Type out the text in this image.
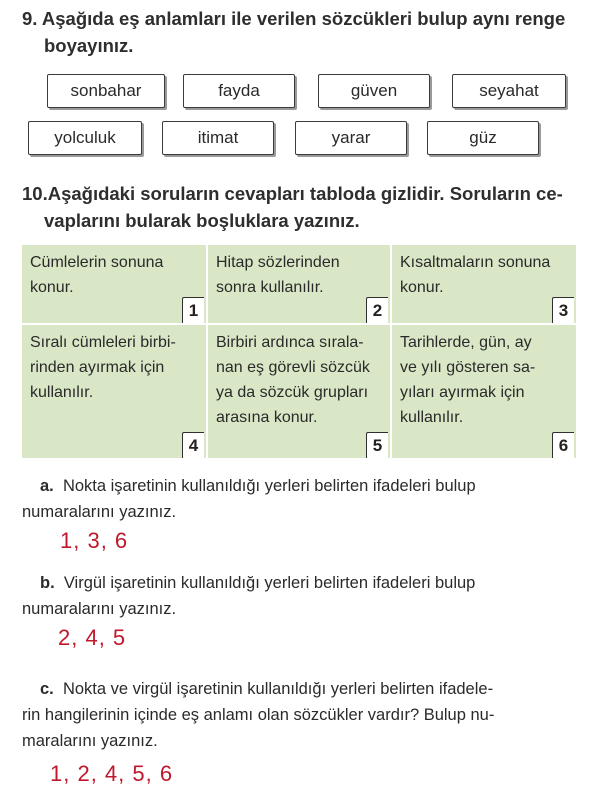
9. Aşağıda eş anlamları ile verilen sözcükleri bulup aynı renge
boyayınız.
sonbahar	fayda	güven	seyahat
yolculuk	itimat	yarar	güz
10.Aşağıdaki soruların cevapları tabloda gizlidir. Soruların ce-
vaplarını bularak boşluklara yazınız.
Cümlelerin sonuna
konur.
1
Hitap sözlerinden
sonra kullanılır.
2
Kısaltmaların sonuna
konur.
3
Sıralı cümleleri birbi-
rinden ayırmak için
kullanılır.
4
Birbiri ardınca sırala-
nan eş görevli sözcük
ya da sözcük grupları
arasına konur.
5
Tarihlerde, gün, ay
ve yılı gösteren sa-
yıları ayırmak için
kullanılır.
6
a. Nokta işaretinin kullanıldığı yerleri belirten ifadeleri bulup
numaralarını yazınız.
1, 3, 6
b. Virgül işaretinin kullanıldığı yerleri belirten ifadeleri bulup
numaralarını yazınız.
2, 4, 5
c. Nokta ve virgül işaretinin kullanıldığı yerleri belirten ifadele-
rin hangilerinin içinde eş anlamı olan sözcükler vardır? Bulup nu-
maralarını yazınız.
1, 2, 4, 5, 6
